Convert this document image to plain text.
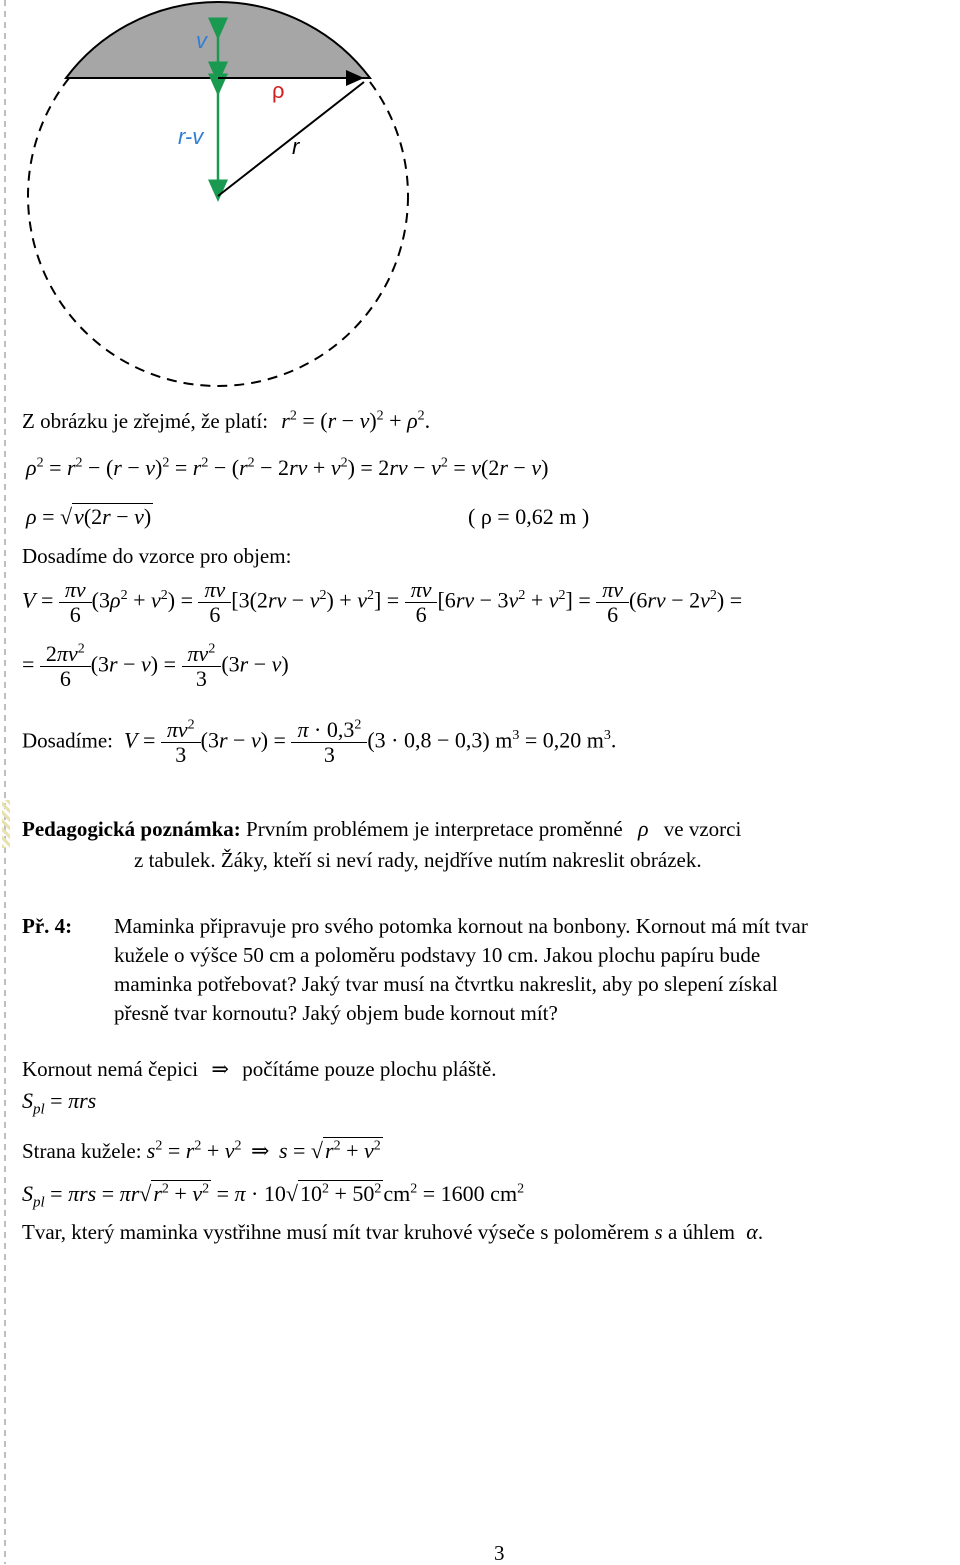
v
ρ
r-v	r
Z obrázku je zřejmé, že platí: $r^2 = (r - v)^2 + \rho^2$.
$\rho^2 = r^2 - (r - v)^2 = r^2 - (r^2 - 2rv + v^2) = 2rv - v^2 = v(2r - v)$
ρ = √v(2r − v)	( ρ = 0,62 m )
Dosadíme do vzorce pro objem:
$V = \frac{\pi v}{6} (3\rho^2 + v^2) = \frac{\pi v}{6} [3(2rv - v^2) + v^2] = \frac{\pi v}{6} [6rv - 3v^2 + v^2] = \frac{\pi v}{6} (6rv - 2v^2)$ =
= $\frac{2\pi v^2}{6} (3r - v) = \frac{\pi v^2}{3} (3r - v)$
Dosadíme: $V = \frac{\pi v^2}{3} (3r - v) = \frac{\pi \cdot 0,3^2}{3} (3 \cdot 0,8 - 0,3) m^3 = 0,20$ $m^3$.
Pedagogická poznámka: Prvním problémem je interpretace proměnné ρ ve vzorci
z tabulek. Žáky, kteří si neví rady, nejdříve nutím nakreslit obrázek.
Př. 4: Maminka připravuje pro svého potomka kornout na bonbony. Kornout má mít tvar
kužele o výšce 50 cm a poloměru podstavy 10 cm. Jakou plochu papíru bude
maminka potřebovat? Jaký tvar musí na čtvrtku nakreslit, aby po slepení získal
přesně tvar kornoutu? Jaký objem bude kornout mít?
Kornout nemá čepici ⇒ počítáme pouze plochu pláště.
$S_{pl} = \pi rs$
Strana kužele: $s^2 = r^2 + v^2$ ⇒ $s = √r^2 + v^2$
$S_{pl} = \pi rs = \pi r√r^2 + v^2 = \pi \cdot 10√10^2 + 50^2cm^2 = 1600$ $cm^2$
Tvar, který maminka vystřihne musí mít tvar kruhové výseče s poloměrem s a úhlem α.
3
